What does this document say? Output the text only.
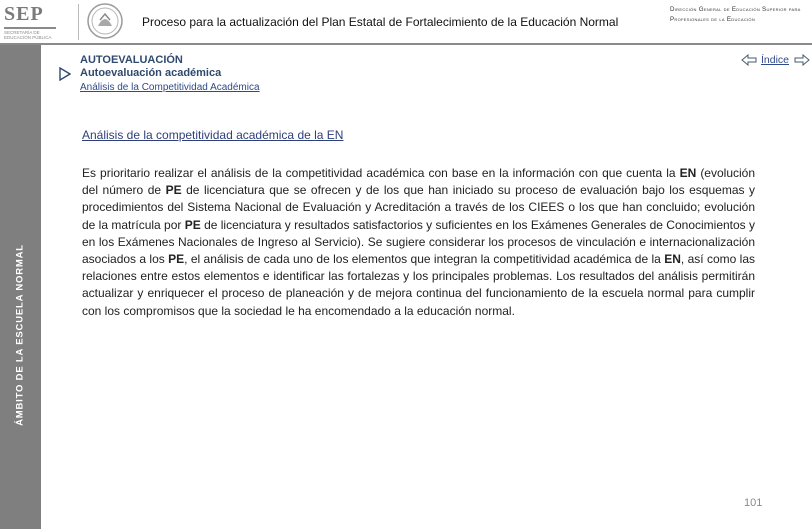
SEP
SECRETARÍA DE EDUCACIÓN PÚBLICA
Proceso para la actualización del Plan Estatal de Fortalecimiento de la Educación Normal
Dirección General de Educación Superior para Profesionales de la Educación
ÁMBITO DE LA ESCUELA NORMAL
AUTOEVALUACIÓN
Autoevaluación académica
Análisis de la Competitividad Académica
Índice
Análisis de la competitividad académica de la EN

Es prioritario realizar el análisis de la competitividad académica con base en la información con que cuenta la EN (evolución del número de PE de licenciatura que se ofrecen y de los que han iniciado su proceso de evaluación bajo los esquemas y procedimientos del Sistema Nacional de Evaluación y Acreditación a través de los CIEES o los que han concluido; evolución de la matrícula por PE de licenciatura y resultados satisfactorios y suficientes en los Exámenes Generales de Conocimientos y en los Exámenes Nacionales de Ingreso al Servicio). Se sugiere considerar los procesos de vinculación e internacionalización asociados a los PE, el análisis de cada uno de los elementos que integran la competitividad académica de la EN, así como las relaciones entre estos elementos e identificar las fortalezas y los principales problemas. Los resultados del análisis permitirán actualizar y enriquecer el proceso de planeación y de mejora continua del funcionamiento de la escuela normal para cumplir con los compromisos que la sociedad le ha encomendado a la educación normal.

101
